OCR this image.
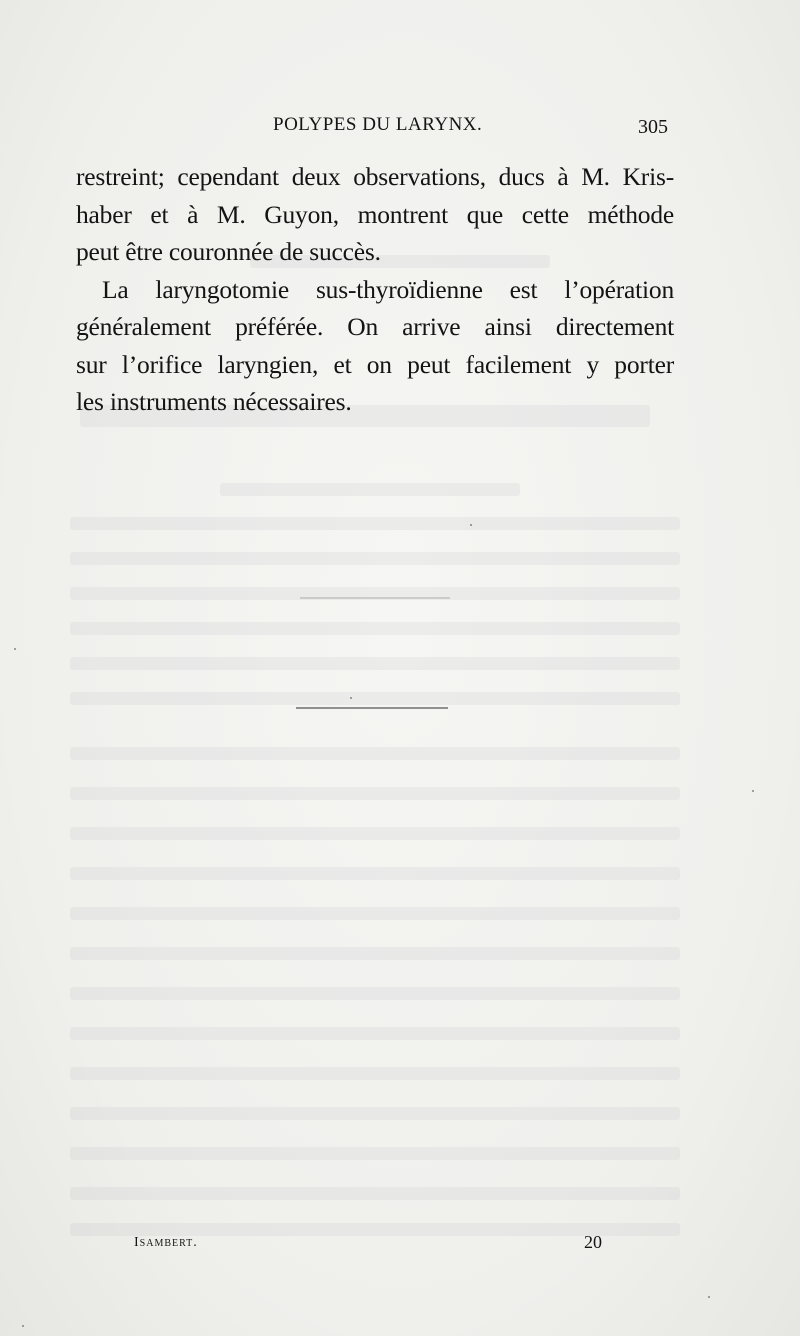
POLYPES DU LARYNX.	305
restreint; cependant deux observations, ducs à M. Kris-
haber et à M. Guyon, montrent que cette méthode
peut être couronnée de succès.
La laryngotomie sus-thyroïdienne est l’opération
généralement préférée. On arrive ainsi directement
sur l’orifice laryngien, et on peut facilement y porter
les instruments nécessaires.
Isambert.	20
